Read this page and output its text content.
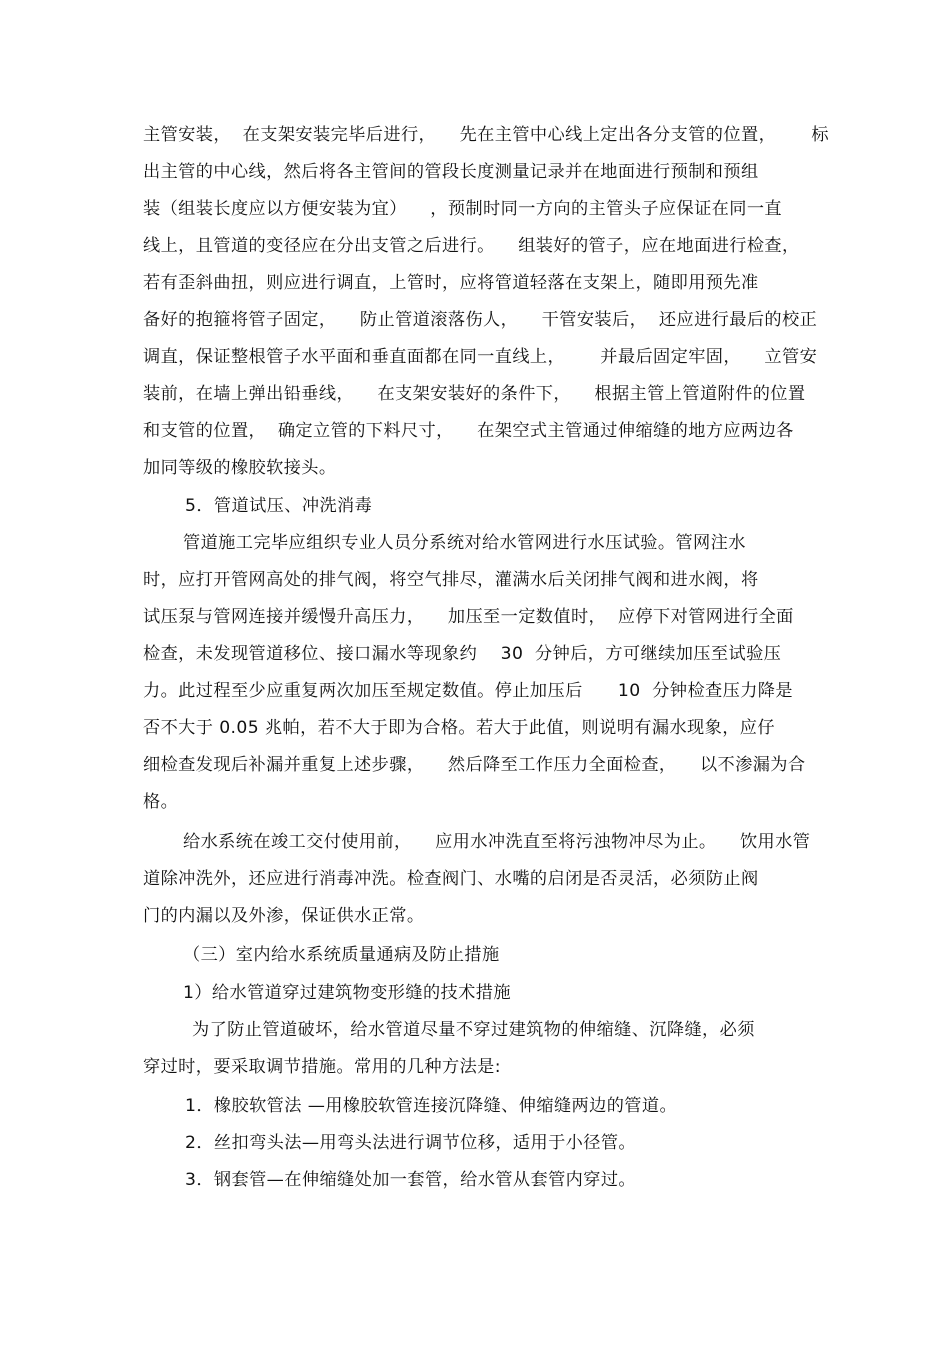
主管安装，  在支架安装完毕后进行，    先在主管中心线上定出各分支管的位置，      标
出主管的中心线，然后将各主管间的管段长度测量记录并在地面进行预制和预组
装（组装长度应以方便安装为宜）    ，预制时同一方向的主管头子应保证在同一直
线上，且管道的变径应在分出支管之后进行。    组装好的管子，应在地面进行检查，
若有歪斜曲扭，则应进行调直，上管时，应将管道轻落在支架上，随即用预先准
备好的抱箍将管子固定，    防止管道滚落伤人，    干管安装后，  还应进行最后的校正
调直，保证整根管子水平面和垂直面都在同一直线上，      并最后固定牢固，    立管安
装前，在墙上弹出铅垂线，    在支架安装好的条件下，    根据主管上管道附件的位置
和支管的位置，  确定立管的下料尺寸，    在架空式主管通过伸缩缝的地方应两边各
加同等级的橡胶软接头。
5．管道试压、冲洗消毒
管道施工完毕应组织专业人员分系统对给水管网进行水压试验。管网注水
时，应打开管网高处的排气阀，将空气排尽，灌满水后关闭排气阀和进水阀，将
试压泵与管网连接并缓慢升高压力，    加压至一定数值时，  应停下对管网进行全面
检查，未发现管道移位、接口漏水等现象约    30  分钟后，方可继续加压至试验压
力。此过程至少应重复两次加压至规定数值。停止加压后      10  分钟检查压力降是
否不大于 0.05 兆帕，若不大于即为合格。若大于此值，则说明有漏水现象，应仔
细检查发现后补漏并重复上述步骤，    然后降至工作压力全面检查，    以不渗漏为合
格。
给水系统在竣工交付使用前，    应用水冲洗直至将污浊物冲尽为止。    饮用水管
道除冲洗外，还应进行消毒冲洗。检查阀门、水嘴的启闭是否灵活，必须防止阀
门的内漏以及外渗，保证供水正常。
（三）室内给水系统质量通病及防止措施
1）给水管道穿过建筑物变形缝的技术措施
为了防止管道破坏，给水管道尽量不穿过建筑物的伸缩缝、沉降缝，必须
穿过时，要采取调节措施。常用的几种方法是:
1．橡胶软管法 —用橡胶软管连接沉降缝、伸缩缝两边的管道。
2．丝扣弯头法—用弯头法进行调节位移，适用于小径管。
3．钢套管—在伸缩缝处加一套管，给水管从套管内穿过。
